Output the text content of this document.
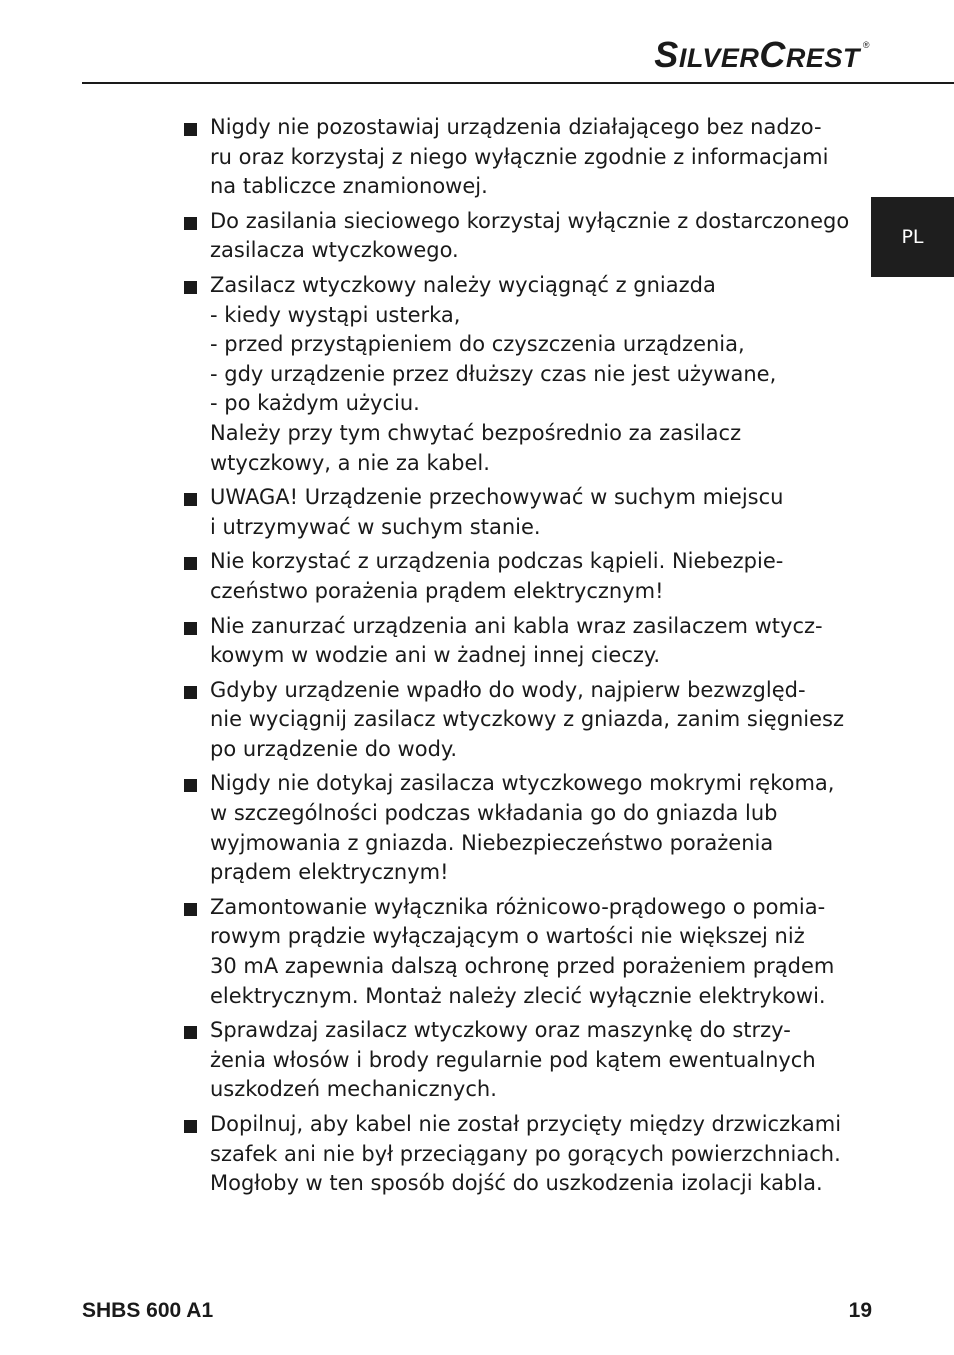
SILVERCREST ®
PL
Nigdy nie pozostawiaj urządzenia działającego bez nadzo-
ru oraz korzystaj z niego wyłącznie zgodnie z informacjami
na tabliczce znamionowej.
Do zasilania sieciowego korzystaj wyłącznie z dostarczonego
zasilacza wtyczkowego.
Zasilacz wtyczkowy należy wyciągnąć z gniazda
- kiedy wystąpi usterka,
- przed przystąpieniem do czyszczenia urządzenia,
- gdy urządzenie przez dłuższy czas nie jest używane,
- po każdym użyciu.
Należy przy tym chwytać bezpośrednio za zasilacz
wtyczkowy, a nie za kabel.
UWAGA! Urządzenie przechowywać w suchym miejscu
i utrzymywać w suchym stanie.
Nie korzystać z urządzenia podczas kąpieli. Niebezpie-
czeństwo porażenia prądem elektrycznym!
Nie zanurzać urządzenia ani kabla wraz zasilaczem wtycz-
kowym w wodzie ani w żadnej innej cieczy.
Gdyby urządzenie wpadło do wody, najpierw bezwzględ-
nie wyciągnij zasilacz wtyczkowy z gniazda, zanim sięgniesz
po urządzenie do wody.
Nigdy nie dotykaj zasilacza wtyczkowego mokrymi rękoma,
w szczególności podczas wkładania go do gniazda lub
wyjmowania z gniazda. Niebezpieczeństwo porażenia
prądem elektrycznym!
Zamontowanie wyłącznika różnicowo-prądowego o pomia-
rowym prądzie wyłączającym o wartości nie większej niż
30 mA zapewnia dalszą ochronę przed porażeniem prądem
elektrycznym. Montaż należy zlecić wyłącznie elektrykowi.
Sprawdzaj zasilacz wtyczkowy oraz maszynkę do strzy-
żenia włosów i brody regularnie pod kątem ewentualnych
uszkodzeń mechanicznych.
Dopilnuj, aby kabel nie został przycięty między drzwiczkami
szafek ani nie był przeciągany po gorących powierzchniach.
Mogłoby w ten sposób dojść do uszkodzenia izolacji kabla.
SHBS 600 A1	19
